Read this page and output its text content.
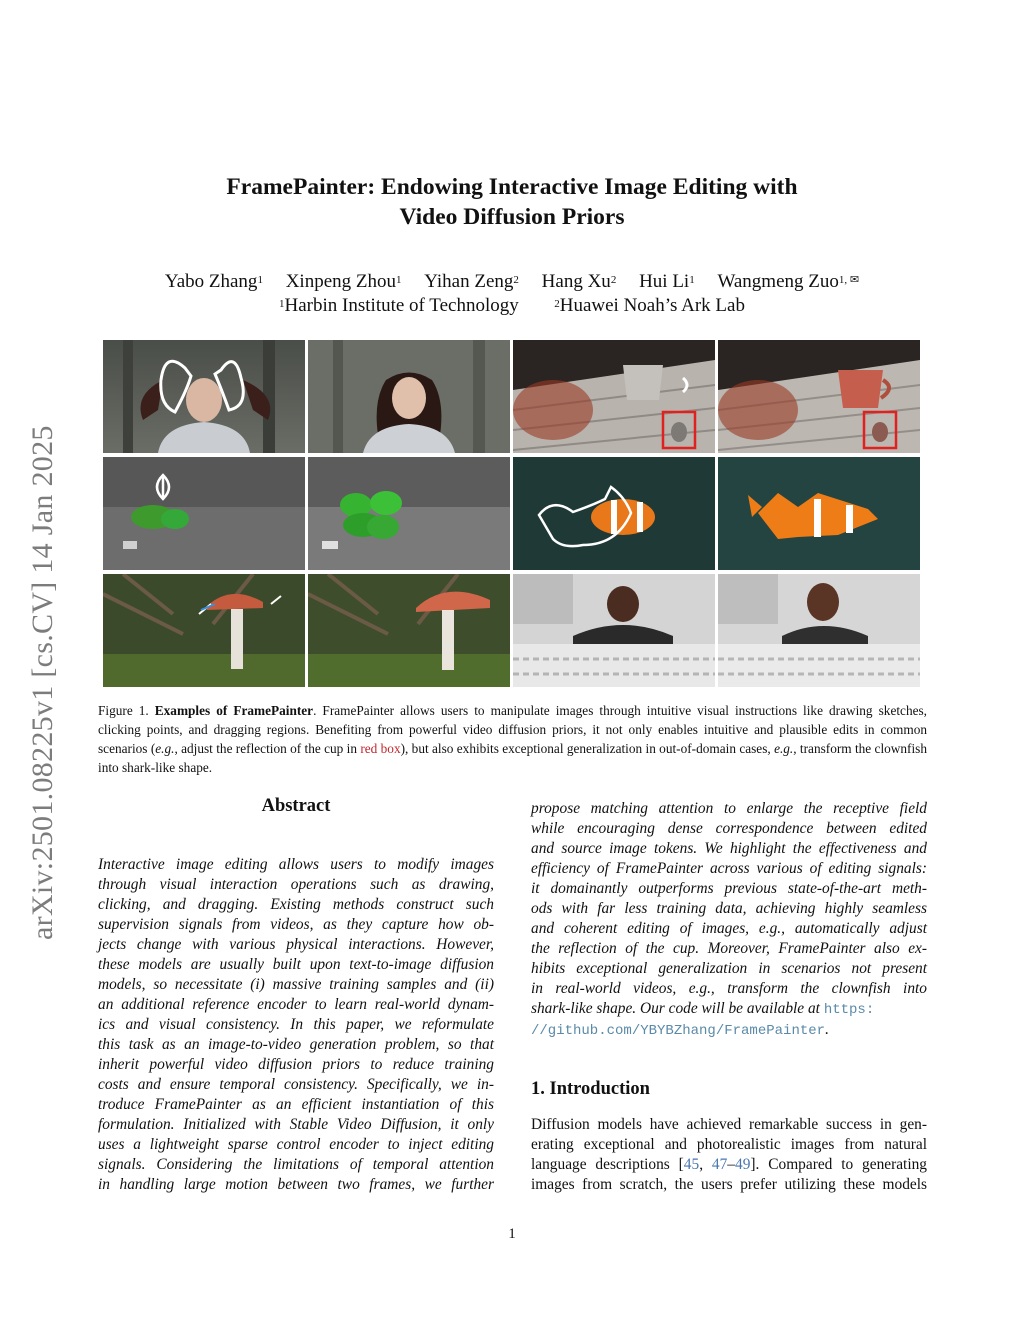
arXiv:2501.08225v1 [cs.CV] 14 Jan 2025
FramePainter: Endowing Interactive Image Editing with
Video Diffusion Priors
Yabo Zhang$^1$ Xinpeng Zhou$^1$ Yihan Zeng$^2$ Hang Xu$^2$ Hui Li$^1$ Wangmeng Zuo$^{1, ✉}$
$^1$Harbin Institute of Technology	$^2$Huawei Noah’s Ark Lab
Figure 1. Examples of FramePainter. FramePainter allows users to manipulate images through intuitive visual instructions like drawing sketches, clicking points, and dragging regions. Benefiting from powerful video diffusion priors, it not only enables intuitive and plausible edits in common scenarios (e.g., adjust the reflection of the cup in red box), but also exhibits exceptional generalization in out-of-domain cases, e.g., transform the clownfish into shark-like shape.
Abstract
Interactive image editing allows users to modify images
through visual interaction operations such as drawing,
clicking, and dragging. Existing methods construct such
supervision signals from videos, as they capture how ob-
jects change with various physical interactions. However,
these models are usually built upon text-to-image diffusion
models, so necessitate (i) massive training samples and (ii)
an additional reference encoder to learn real-world dynam-
ics and visual consistency. In this paper, we reformulate
this task as an image-to-video generation problem, so that
inherit powerful video diffusion priors to reduce training
costs and ensure temporal consistency. Specifically, we in-
troduce FramePainter as an efficient instantiation of this
formulation. Initialized with Stable Video Diffusion, it only
uses a lightweight sparse control encoder to inject editing
signals. Considering the limitations of temporal attention
in handling large motion between two frames, we further
propose matching attention to enlarge the receptive field
while encouraging dense correspondence between edited
and source image tokens. We highlight the effectiveness and
efficiency of FramePainter across various of editing signals:
it domainantly outperforms previous state-of-the-art meth-
ods with far less training data, achieving highly seamless
and coherent editing of images, e.g., automatically adjust
the reflection of the cup. Moreover, FramePainter also ex-
hibits exceptional generalization in scenarios not present
in real-world videos, e.g., transform the clownfish into
shark-like shape. Our code will be available at https:
//github.com/YBYBZhang/FramePainter.
1. Introduction
Diffusion models have achieved remarkable success in gen-
erating exceptional and photorealistic images from natural
language descriptions [45, 47–49]. Compared to generating
images from scratch, the users prefer utilizing these models
1
